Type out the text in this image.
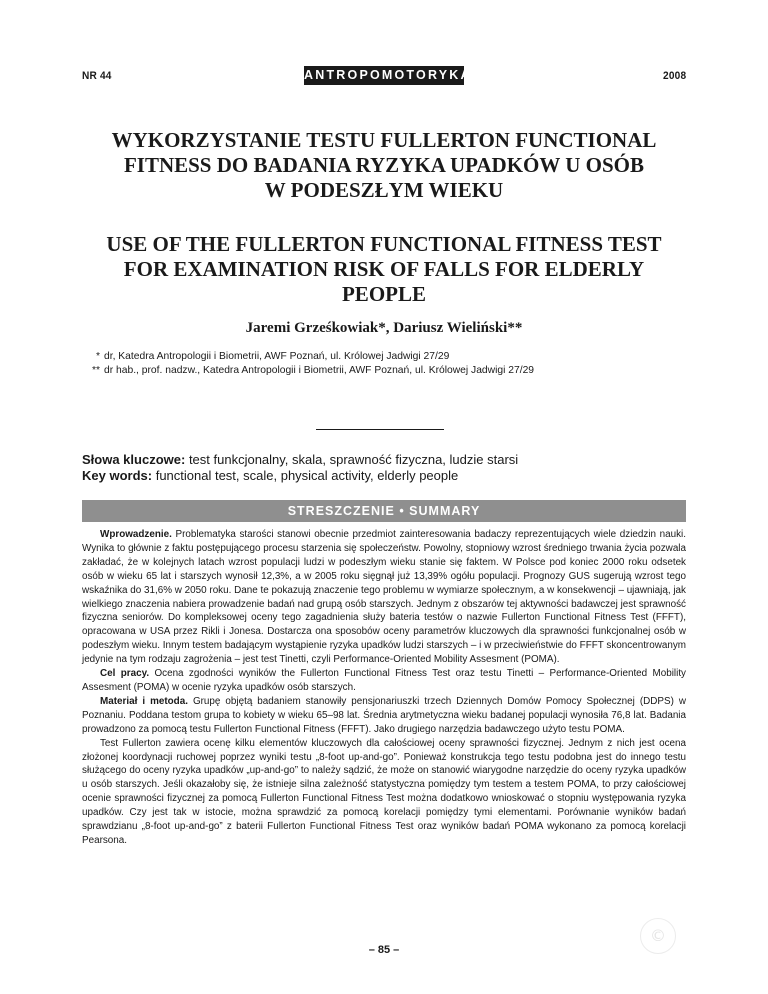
NR 44	ANTROPOMOTORYKA	2008
WYKORZYSTANIE TESTU FULLERTON FUNCTIONAL
FITNESS DO BADANIA RYZYKA UPADKÓW U OSÓB
W PODESZŁYM WIEKU
USE OF THE FULLERTON FUNCTIONAL FITNESS TEST
FOR EXAMINATION RISK OF FALLS FOR ELDERLY
PEOPLE
Jaremi Grześkowiak*, Dariusz Wieliński**
* dr, Katedra Antropologii i Biometrii, AWF Poznań, ul. Królowej Jadwigi 27/29
** dr hab., prof. nadzw., Katedra Antropologii i Biometrii, AWF Poznań, ul. Królowej Jadwigi 27/29
Słowa kluczowe: test funkcjonalny, skala, sprawność fizyczna, ludzie starsi
Key words: functional test, scale, physical activity, elderly people
STRESZCZENIE • SUMMARY

Wprowadzenie. Problematyka starości stanowi obecnie przedmiot zainteresowania badaczy reprezentujących wiele dziedzin nauki. Wynika to głównie z faktu postępującego procesu starzenia się społeczeństw. Powolny, stopniowy wzrost średniego trwania życia pozwala zakładać, że w kolejnych latach wzrost populacji ludzi w podeszłym wieku stanie się faktem. W Polsce pod koniec 2000 roku odsetek osób w wieku 65 lat i starszych wynosił 12,3%, a w 2005 roku sięgnął już 13,39% ogółu populacji. Prognozy GUS sugerują wzrost tego wskaźnika do 31,6% w 2050 roku. Dane te pokazują znaczenie tego problemu w wymiarze społecznym, a w konsekwencji – ujawniają, jak wielkiego znaczenia nabiera prowadzenie badań nad grupą osób starszych. Jednym z obszarów tej aktywności badawczej jest sprawność fizyczna seniorów. Do kompleksowej oceny tego zagadnienia służy bateria testów o nazwie Fullerton Functional Fitness Test (FFFT), opracowana w USA przez Rikli i Jonesa. Dostarcza ona sposobów oceny parametrów kluczowych dla sprawności funkcjonalnej osób w podeszłym wieku. Innym testem badającym wystąpienie ryzyka upadków ludzi starszych – i w przeciwieństwie do FFFT skoncentrowanym jedynie na tym rodzaju zagrożenia – jest test Tinetti, czyli Performance-Oriented Mobility Assesment (POMA).

Cel pracy. Ocena zgodności wyników the Fullerton Functional Fitness Test oraz testu Tinetti – Performance-Oriented Mobility Assesment (POMA) w ocenie ryzyka upadków osób starszych.

Materiał i metoda. Grupę objętą badaniem stanowiły pensjonariuszki trzech Dziennych Domów Pomocy Społecznej (DDPS) w Poznaniu. Poddana testom grupa to kobiety w wieku 65–98 lat. Średnia arytmetyczna wieku badanej populacji wynosiła 76,8 lat. Badania prowadzono za pomocą testu Fullerton Functional Fitness (FFFT). Jako drugiego narzędzia badawczego użyto testu POMA.

Test Fullerton zawiera ocenę kilku elementów kluczowych dla całościowej oceny sprawności fizycznej. Jednym z nich jest ocena złożonej koordynacji ruchowej poprzez wyniki testu „8-foot up-and-go”. Ponieważ konstrukcja tego testu podobna jest do innego testu służącego do oceny ryzyka upadków „up-and-go” to należy sądzić, że może on stanowić wiarygodne narzędzie do oceny ryzyka upadków u osób starszych. Jeśli okazałoby się, że istnieje silna zależność statystyczna pomiędzy tym testem a testem POMA, to przy całościowej ocenie sprawności fizycznej za pomocą Fullerton Functional Fitness Test można dodatkowo wnioskować o stopniu występowania ryzyka upadków. Czy jest tak w istocie, można sprawdzić za pomocą korelacji pomiędzy tymi elementami. Porównanie wyników badań sprawdzianu „8-foot up-and-go” z baterii Fullerton Functional Fitness Test oraz wyników badań POMA wykonano za pomocą korelacji Pearsona.

– 85 –
©
